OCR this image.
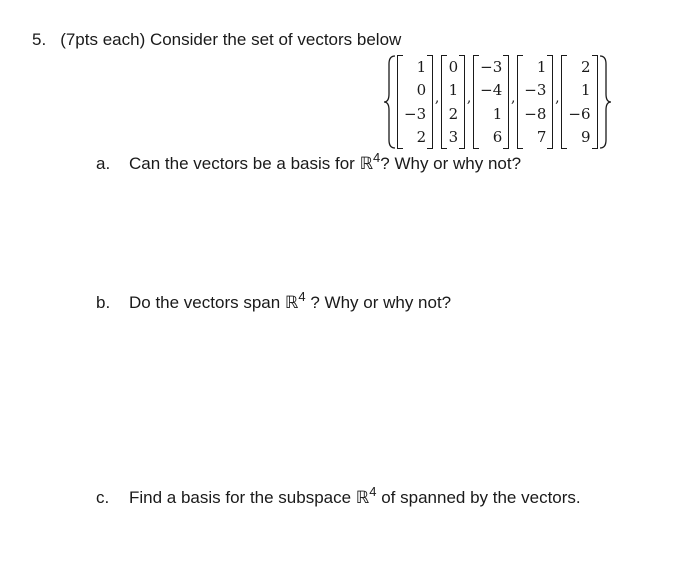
5. (7pts each) Consider the set of vectors below
1
0
−3
2
,
0
1
2
3
,
−3
−4
1
6
,
1
−3
−8
7
,
2
1
−6
9
a. Can the vectors be a basis for ℝ$^4$? Why or why not?
b. Do the vectors span ℝ$^4$ ? Why or why not?
c. Find a basis for the subspace ℝ$^4$ of spanned by the vectors.
